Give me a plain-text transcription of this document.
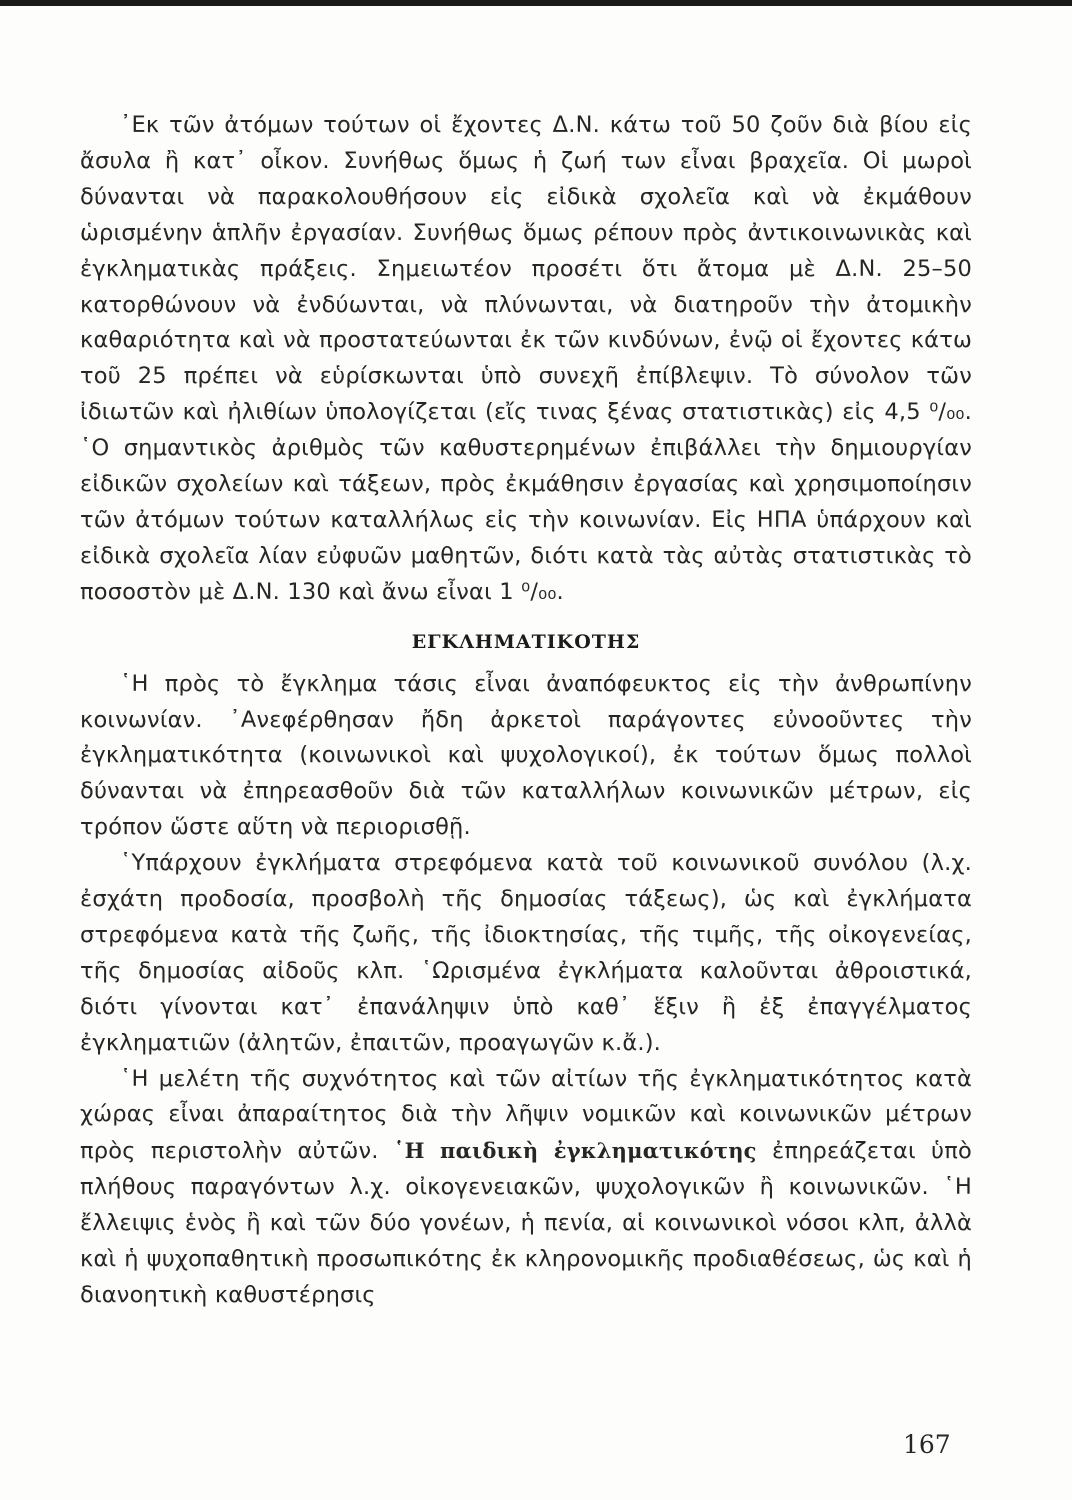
᾿Εκ τῶν ἀτόμων τούτων οἱ ἔχοντες Δ.Ν. κάτω τοῦ 50 ζοῦν διὰ βίου εἰς ἄσυλα ἢ κατ᾿ οἶκον. Συνήθως ὅμως ἡ ζωή των εἶναι βραχεῖα. Οἱ μωροὶ δύνανται νὰ παρακολουθήσουν εἰς εἰδικὰ σχολεῖα καὶ νὰ ἐκμάθουν ὡρισμένην ἁπλῆν ἐργασίαν. Συνήθως ὅμως ρέπουν πρὸς ἀντικοινωνικὰς καὶ ἐγκληματικὰς πράξεις. Σημειωτέον προσέτι ὅτι ἄτομα μὲ Δ.Ν. 25–50 κατορθώνουν νὰ ἐνδύωνται, νὰ πλύνωνται, νὰ διατηροῦν τὴν ἀτομικὴν καθαριότητα καὶ νὰ προστατεύωνται ἐκ τῶν κινδύνων, ἐνῷ οἱ ἔχοντες κάτω τοῦ 25 πρέπει νὰ εὑρίσκωνται ὑπὸ συνεχῆ ἐπίβλεψιν. Τὸ σύνολον τῶν ἰδιωτῶν καὶ ἠλιθίων ὑπολογίζεται (εἴς τινας ξένας στατιστικὰς) εἰς 4,5 ⁰/₀₀. ῾Ο σημαντικὸς ἀριθμὸς τῶν καθυστερημένων ἐπιβάλλει τὴν δημιουργίαν εἰδικῶν σχολείων καὶ τάξεων, πρὸς ἐκμάθησιν ἐργασίας καὶ χρησιμοποίησιν τῶν ἀτόμων τούτων καταλλήλως εἰς τὴν κοινωνίαν. Εἰς ΗΠΑ ὑπάρχουν καὶ εἰδικὰ σχολεῖα λίαν εὐφυῶν μαθητῶν, διότι κατὰ τὰς αὐτὰς στατιστικὰς τὸ ποσοστὸν μὲ Δ.Ν. 130 καὶ ἄνω εἶναι 1 ⁰/₀₀.

ΕΓΚΛΗΜΑΤΙΚΟΤΗΣ

῾Η πρὸς τὸ ἔγκλημα τάσις εἶναι ἀναπόφευκτος εἰς τὴν ἀνθρωπίνην κοινωνίαν. ᾿Ανεφέρθησαν ἤδη ἀρκετοὶ παράγοντες εὐνοοῦντες τὴν ἐγκληματικότητα (κοινωνικοὶ καὶ ψυχολογικοί), ἐκ τούτων ὅμως πολλοὶ δύνανται νὰ ἐπηρεασθοῦν διὰ τῶν καταλλήλων κοινωνικῶν μέτρων, εἰς τρόπον ὥστε αὕτη νὰ περιορισθῇ.

῾Υπάρχουν ἐγκλήματα στρεφόμενα κατὰ τοῦ κοινωνικοῦ συνόλου (λ.χ. ἐσχάτη προδοσία, προσβολὴ τῆς δημοσίας τάξεως), ὡς καὶ ἐγκλήματα στρεφόμενα κατὰ τῆς ζωῆς, τῆς ἰδιοκτησίας, τῆς τιμῆς, τῆς οἰκογενείας, τῆς δημοσίας αἰδοῦς κλπ. ῾Ωρισμένα ἐγκλήματα καλοῦνται ἀθροιστικά, διότι γίνονται κατ᾿ ἐπανάληψιν ὑπὸ καθ᾿ ἕξιν ἢ ἐξ ἐπαγγέλματος ἐγκληματιῶν (ἀλητῶν, ἐπαιτῶν, προαγωγῶν κ.ἄ.).

῾Η μελέτη τῆς συχνότητος καὶ τῶν αἰτίων τῆς ἐγκληματικότητος κατὰ χώρας εἶναι ἀπαραίτητος διὰ τὴν λῆψιν νομικῶν καὶ κοινωνικῶν μέτρων πρὸς περιστολὴν αὐτῶν. ῾Η παιδικὴ ἐγκληματικότης ἐπηρεάζεται ὑπὸ πλήθους παραγόντων λ.χ. οἰκογενειακῶν, ψυχολογικῶν ἢ κοινωνικῶν. ῾Η ἔλλειψις ἑνὸς ἢ καὶ τῶν δύο γονέων, ἡ πενία, αἱ κοινωνικοὶ νόσοι κλπ, ἀλλὰ καὶ ἡ ψυχοπαθητικὴ προσωπικότης ἐκ κληρονομικῆς προδιαθέσεως, ὡς καὶ ἡ διανοητικὴ καθυστέρησις

167
